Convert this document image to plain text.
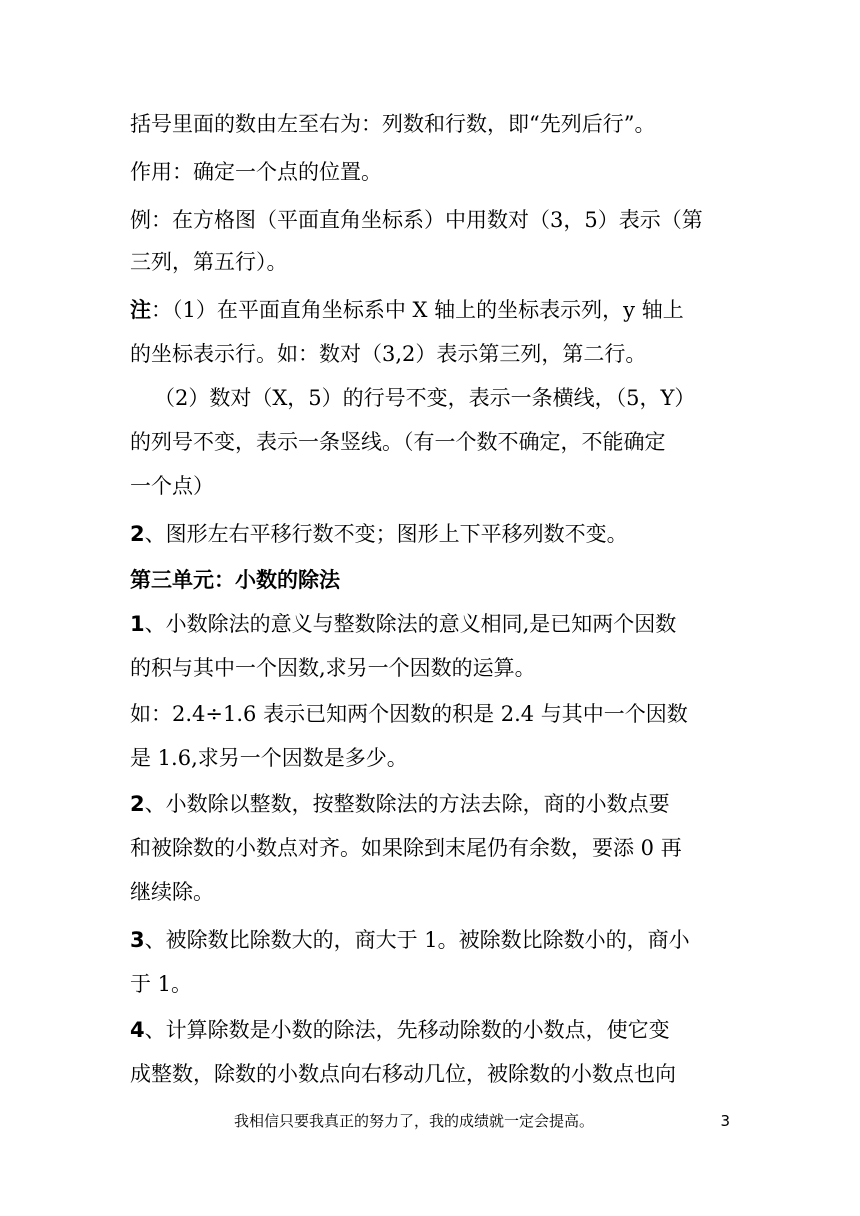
括号里面的数由左至右为：列数和行数，即“先列后行”。
作用：确定一个点的位置。
例：在方格图（平面直角坐标系）中用数对（3，5）表示（第
三列，第五行）。
注：（1）在平面直角坐标系中 X 轴上的坐标表示列，y 轴上
的坐标表示行。如：数对（3,2）表示第三列，第二行。
（2）数对（X，5）的行号不变，表示一条横线，（5，Y）
的列号不变，表示一条竖线。（有一个数不确定，不能确定
一个点）
2、图形左右平移行数不变；图形上下平移列数不变。
第三单元：小数的除法
1、小数除法的意义与整数除法的意义相同,是已知两个因数
的积与其中一个因数,求另一个因数的运算。
如：2.4÷1.6 表示已知两个因数的积是 2.4 与其中一个因数
是 1.6,求另一个因数是多少。
2、小数除以整数，按整数除法的方法去除，商的小数点要
和被除数的小数点对齐。如果除到末尾仍有余数，要添 0 再
继续除。
3、被除数比除数大的，商大于 1。被除数比除数小的，商小
于 1。
4、计算除数是小数的除法，先移动除数的小数点，使它变
成整数，除数的小数点向右移动几位，被除数的小数点也向
我相信只要我真正的努力了，我的成绩就一定会提高。	3
